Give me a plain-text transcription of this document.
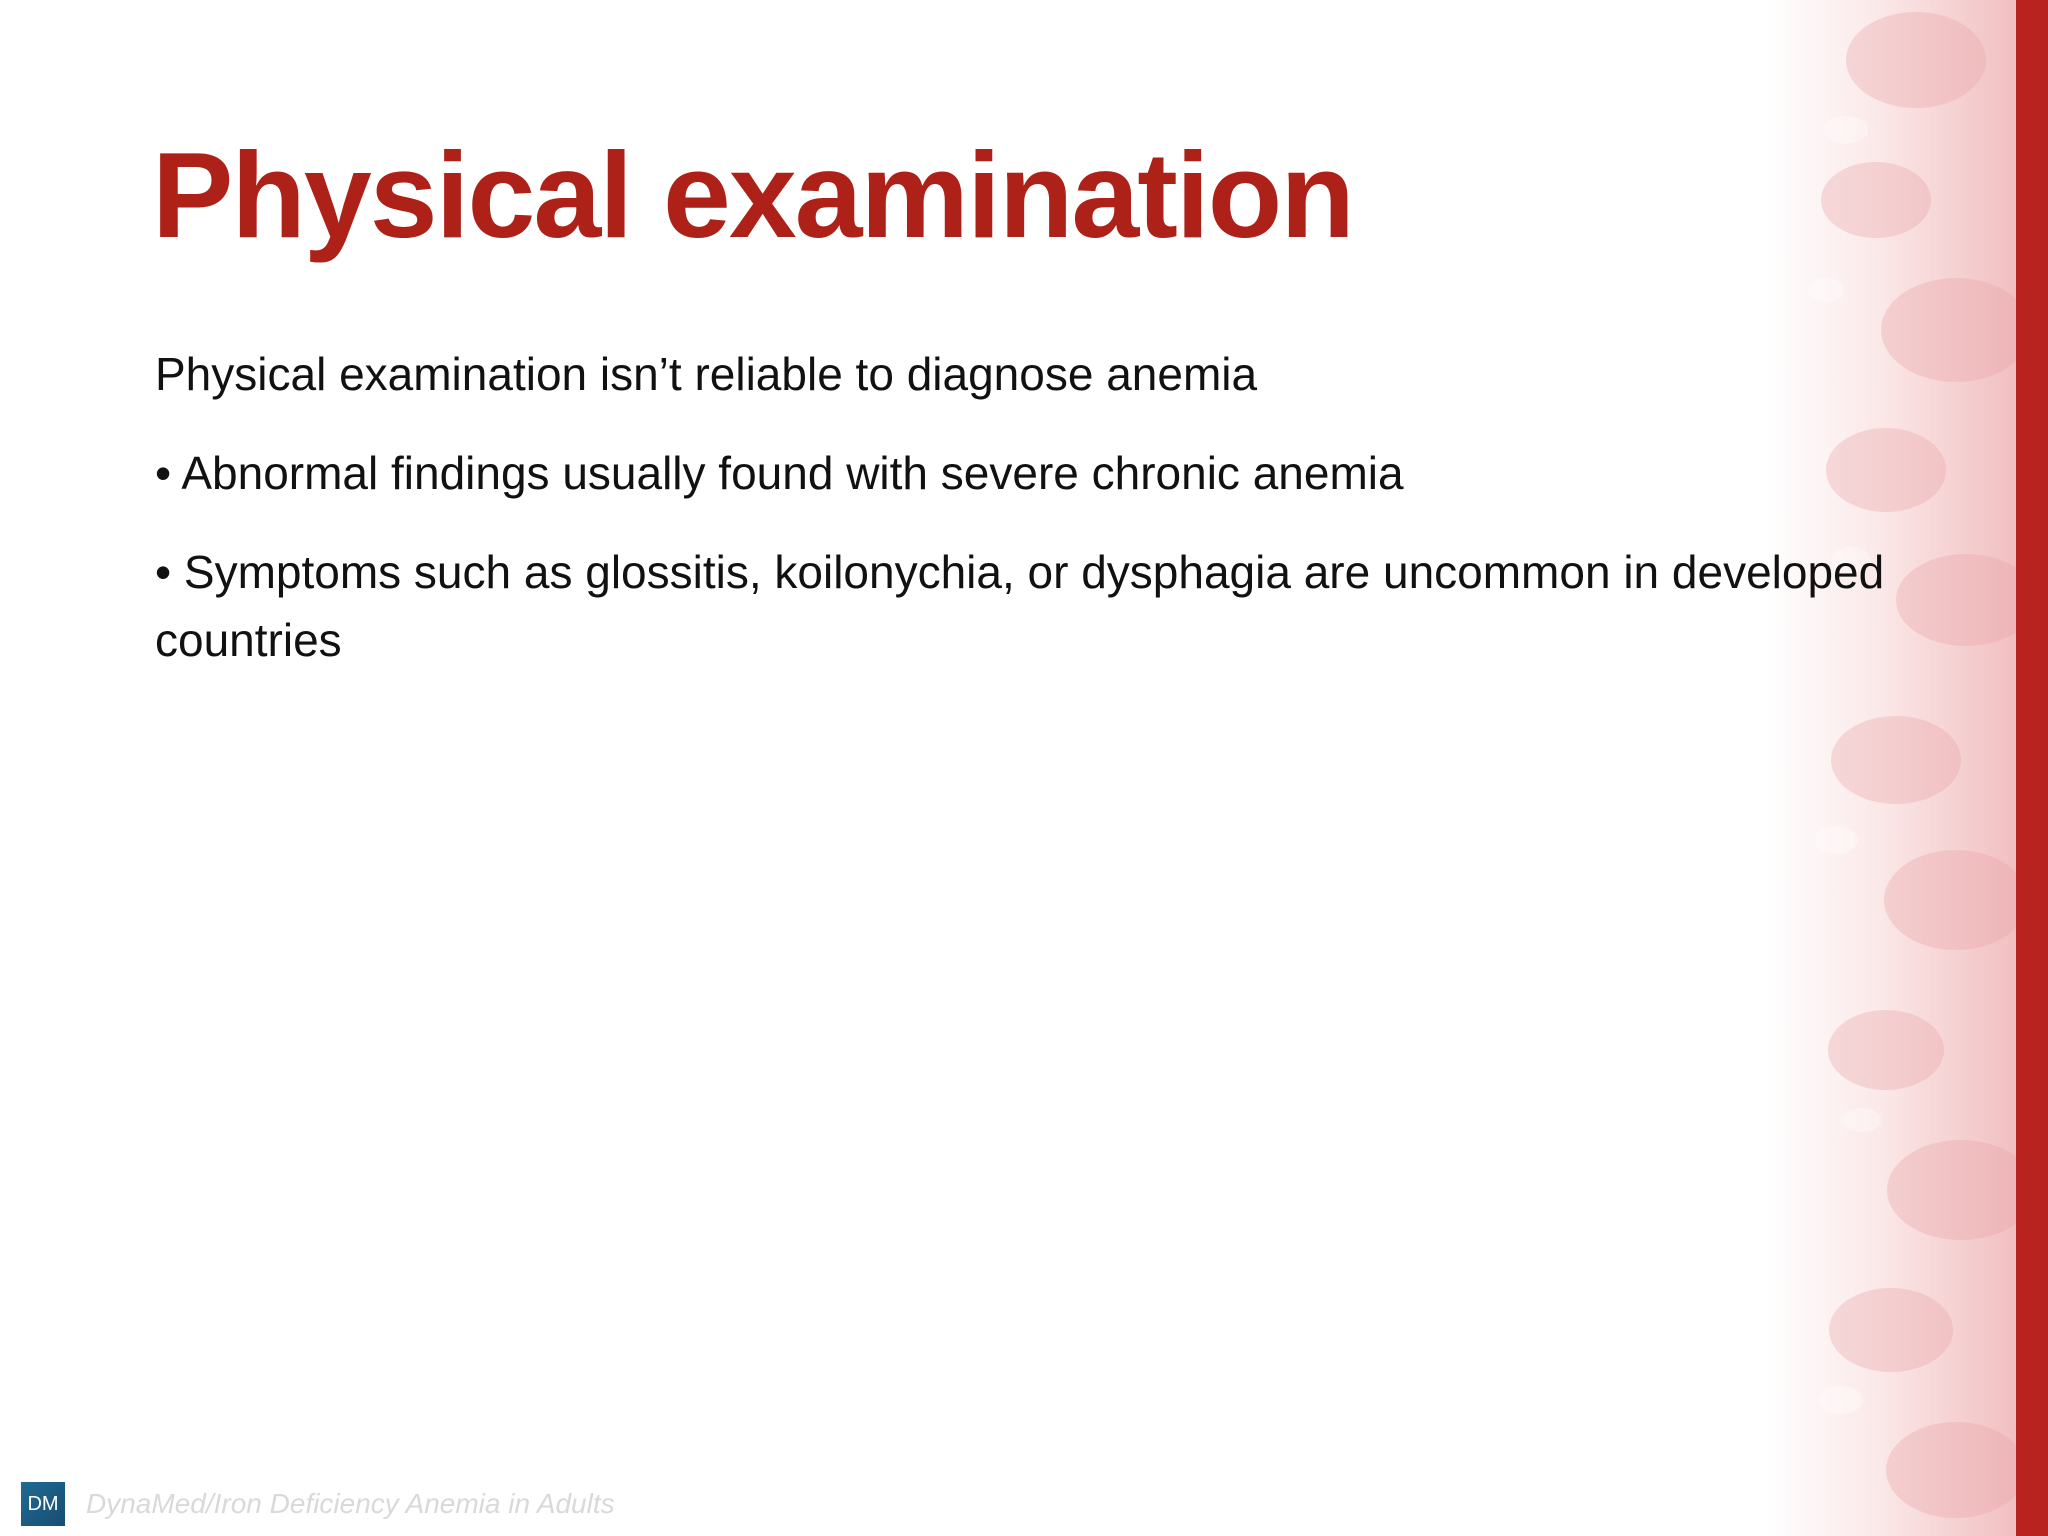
Physical examination

Physical examination isn’t reliable to diagnose anemia

• Abnormal findings usually found with severe chronic anemia

• Symptoms such as glossitis, koilonychia, or dysphagia are uncommon in developed countries

DM DynaMed/Iron Deficiency Anemia in Adults
